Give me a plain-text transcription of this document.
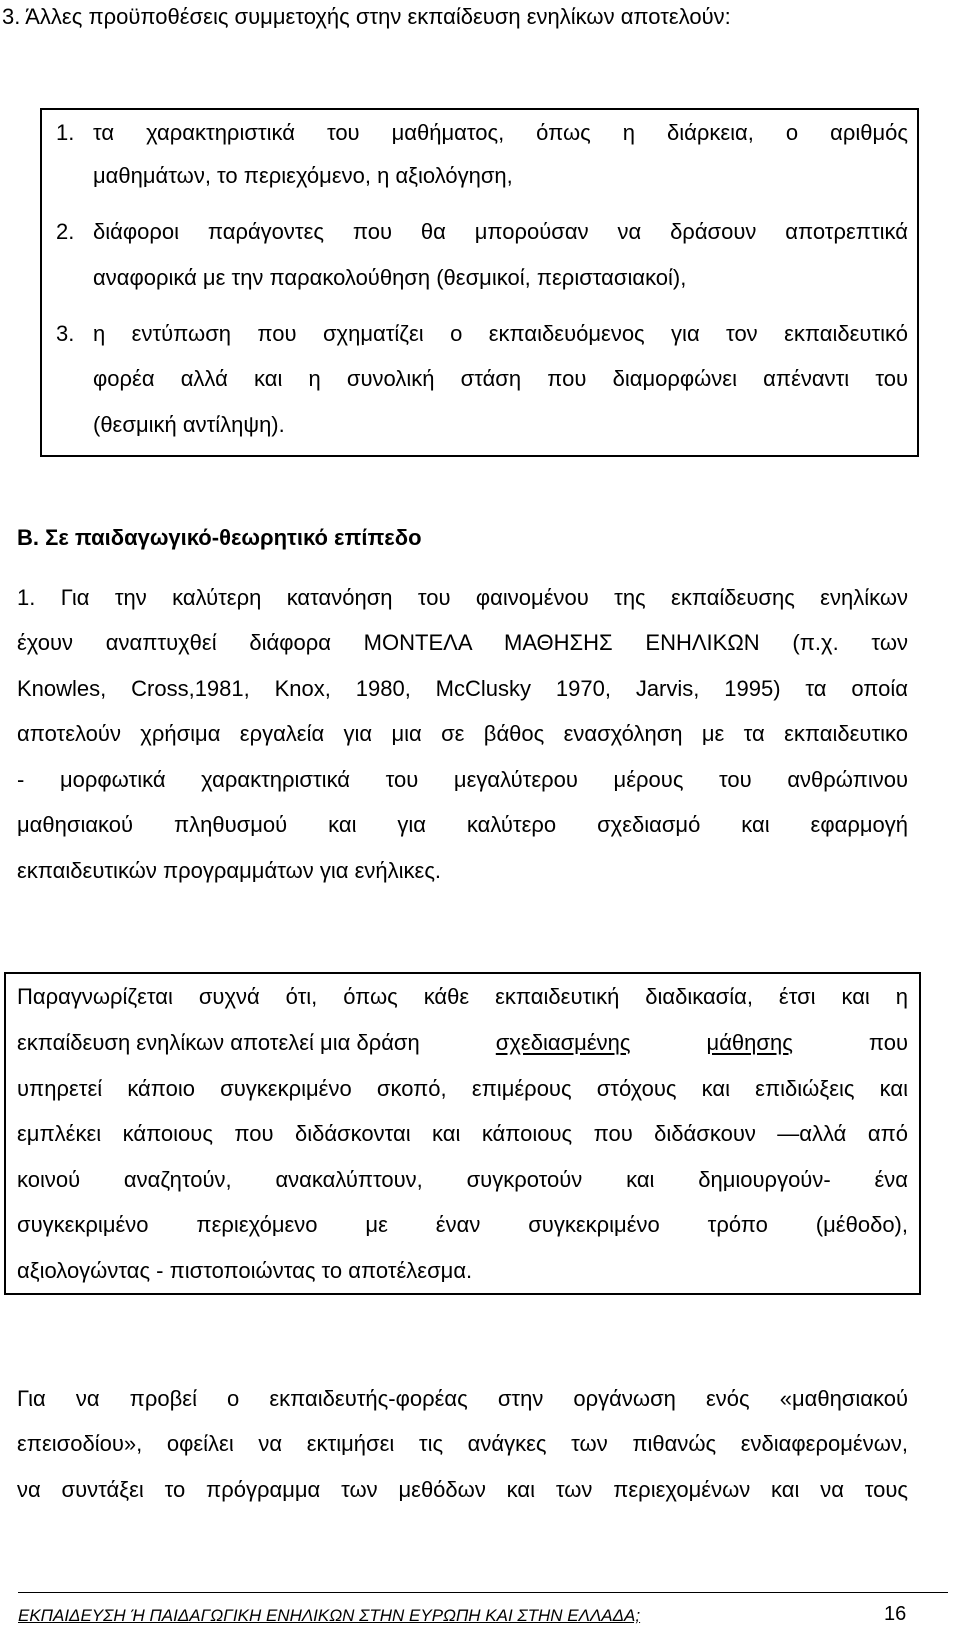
3. Άλλες προϋποθέσεις συμμετοχής στην εκπαίδευση ενηλίκων αποτελούν:
1. τα χαρακτηριστικά του μαθήματος, όπως η διάρκεια, ο αριθμός
μαθημάτων, το περιεχόμενο, η αξιολόγηση,
2. διάφοροι παράγοντες που θα μπορούσαν να δράσουν αποτρεπτικά
αναφορικά με την παρακολούθηση (θεσμικοί, περιστασιακοί),
3. η εντύπωση που σχηματίζει ο εκπαιδευόμενος για τον εκπαιδευτικό
φορέα αλλά και η συνολική στάση που διαμορφώνει απέναντι του
(θεσμική αντίληψη).
Β. Σε παιδαγωγικό-θεωρητικό επίπεδο
1. Για την καλύτερη κατανόηση του φαινομένου της εκπαίδευσης ενηλίκων
έχουν αναπτυχθεί διάφορα ΜΟΝΤΕΛΑ ΜΑΘΗΣΗΣ ΕΝΗΛΙΚΩΝ (π.χ. των
Knowles, Cross,1981, Knox, 1980, McClusky 1970, Jarvis, 1995) τα οποία
αποτελούν χρήσιμα εργαλεία για μια σε βάθος ενασχόληση με τα εκπαιδευτικο
- μορφωτικά χαρακτηριστικά του μεγαλύτερου μέρους του ανθρώπινου
μαθησιακού πληθυσμού και για καλύτερο σχεδιασμό και εφαρμογή
εκπαιδευτικών προγραμμάτων για ενήλικες.
Παραγνωρίζεται συχνά ότι, όπως κάθε εκπαιδευτική διαδικασία, έτσι και η
εκπαίδευση ενηλίκων αποτελεί μια δράση	σχεδιασμένης	μάθησης	που
υπηρετεί κάποιο συγκεκριμένο σκοπό, επιμέρους στόχους και επιδιώξεις και
εμπλέκει κάποιους που διδάσκονται και κάποιους που διδάσκουν —αλλά από
κοινού αναζητούν, ανακαλύπτουν, συγκροτούν και δημιουργούν- ένα
συγκεκριμένο περιεχόμενο με έναν συγκεκριμένο τρόπο (μέθοδο),
αξιολογώντας - πιστοποιώντας το αποτέλεσμα.
Για να προβεί ο εκπαιδευτής-φορέας στην οργάνωση ενός «μαθησιακού
επεισοδίου», οφείλει να εκτιμήσει τις ανάγκες των πιθανώς ενδιαφερομένων,
να συντάξει το πρόγραμμα των μεθόδων και των περιεχομένων και να τους
ΕΚΠΑΙΔΕΥΣΗ Ή ΠΑΙΔΑΓΩΓΙΚΗ ΕΝΗΛΙΚΩΝ ΣΤΗΝ ΕΥΡΩΠΗ ΚΑΙ ΣΤΗΝ ΕΛΛΑΔΑ;	16
